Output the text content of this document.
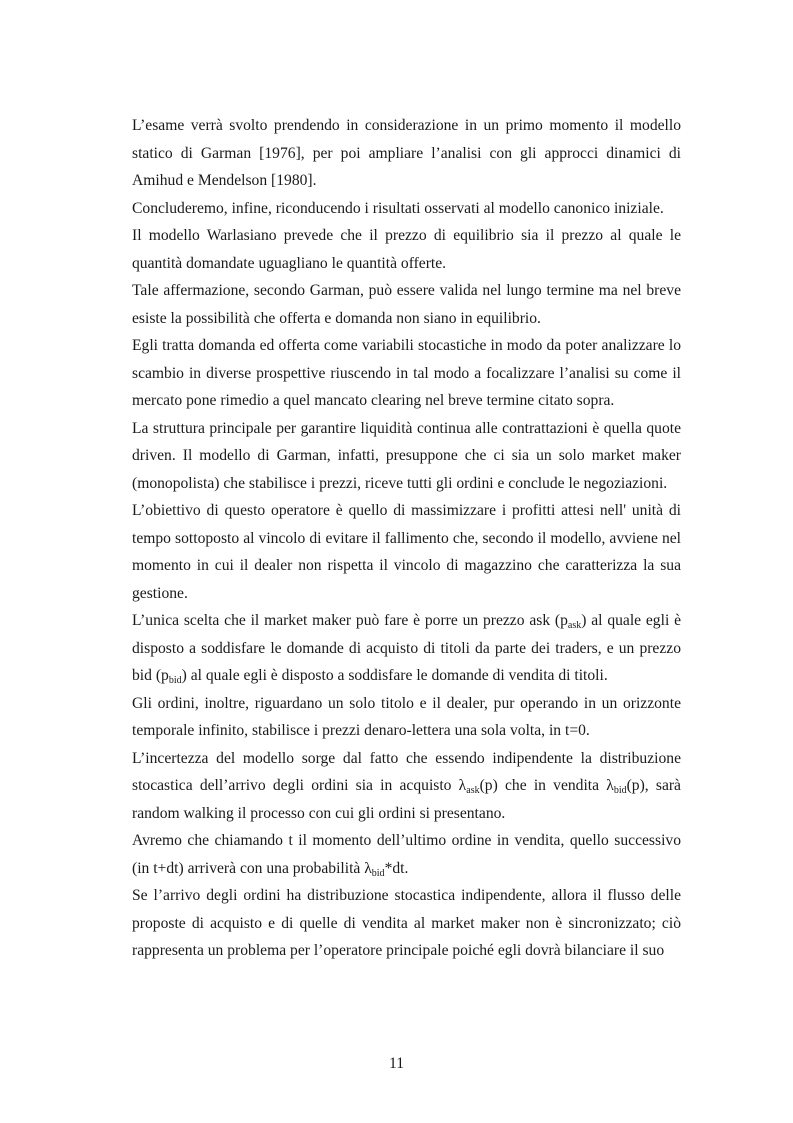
L’esame verrà svolto prendendo in considerazione in un primo momento il modello statico di Garman [1976], per poi ampliare l’analisi con gli approcci dinamici di Amihud e Mendelson [1980].

Concluderemo, infine, riconducendo i risultati osservati al modello canonico iniziale.

Il modello Warlasiano prevede che il prezzo di equilibrio sia il prezzo al quale le quantità domandate uguagliano le quantità offerte.

Tale affermazione, secondo Garman, può essere valida nel lungo termine ma nel breve esiste la possibilità che offerta e domanda non siano in equilibrio.

Egli tratta domanda ed offerta come variabili stocastiche in modo da poter analizzare lo scambio in diverse prospettive riuscendo in tal modo a focalizzare l’analisi su come il mercato pone rimedio a quel mancato clearing nel breve termine citato sopra.

La struttura principale per garantire liquidità continua alle contrattazioni è quella quote driven. Il modello di Garman, infatti, presuppone che ci sia un solo market maker (monopolista) che stabilisce i prezzi, riceve tutti gli ordini e conclude le negoziazioni.

L’obiettivo di questo operatore è quello di massimizzare i profitti attesi nell' unità di tempo sottoposto al vincolo di evitare il fallimento che, secondo il modello, avviene nel momento in cui il dealer non rispetta il vincolo di magazzino che caratterizza la sua gestione.

L’unica scelta che il market maker può fare è porre un prezzo ask $(p_{ask})$ al quale egli è disposto a soddisfare le domande di acquisto di titoli da parte dei traders, e un prezzo bid $(p_{bid})$ al quale egli è disposto a soddisfare le domande di vendita di titoli.

Gli ordini, inoltre, riguardano un solo titolo e il dealer, pur operando in un orizzonte temporale infinito, stabilisce i prezzi denaro-lettera una sola volta, in t=0.

L’incertezza del modello sorge dal fatto che essendo indipendente la distribuzione stocastica dell’arrivo degli ordini sia in acquisto $\lambda_{ask}(p)$ che in vendita $\lambda_{bid}(p)$, sarà random walking il processo con cui gli ordini si presentano.

Avremo che chiamando t il momento dell’ultimo ordine in vendita, quello successivo (in t+dt) arriverà con una probabilità $\lambda_{bid}*dt$.

Se l’arrivo degli ordini ha distribuzione stocastica indipendente, allora il flusso delle proposte di acquisto e di quelle di vendita al market maker non è sincronizzato; ciò rappresenta un problema per l’operatore principale poiché egli dovrà bilanciare il suo

11
